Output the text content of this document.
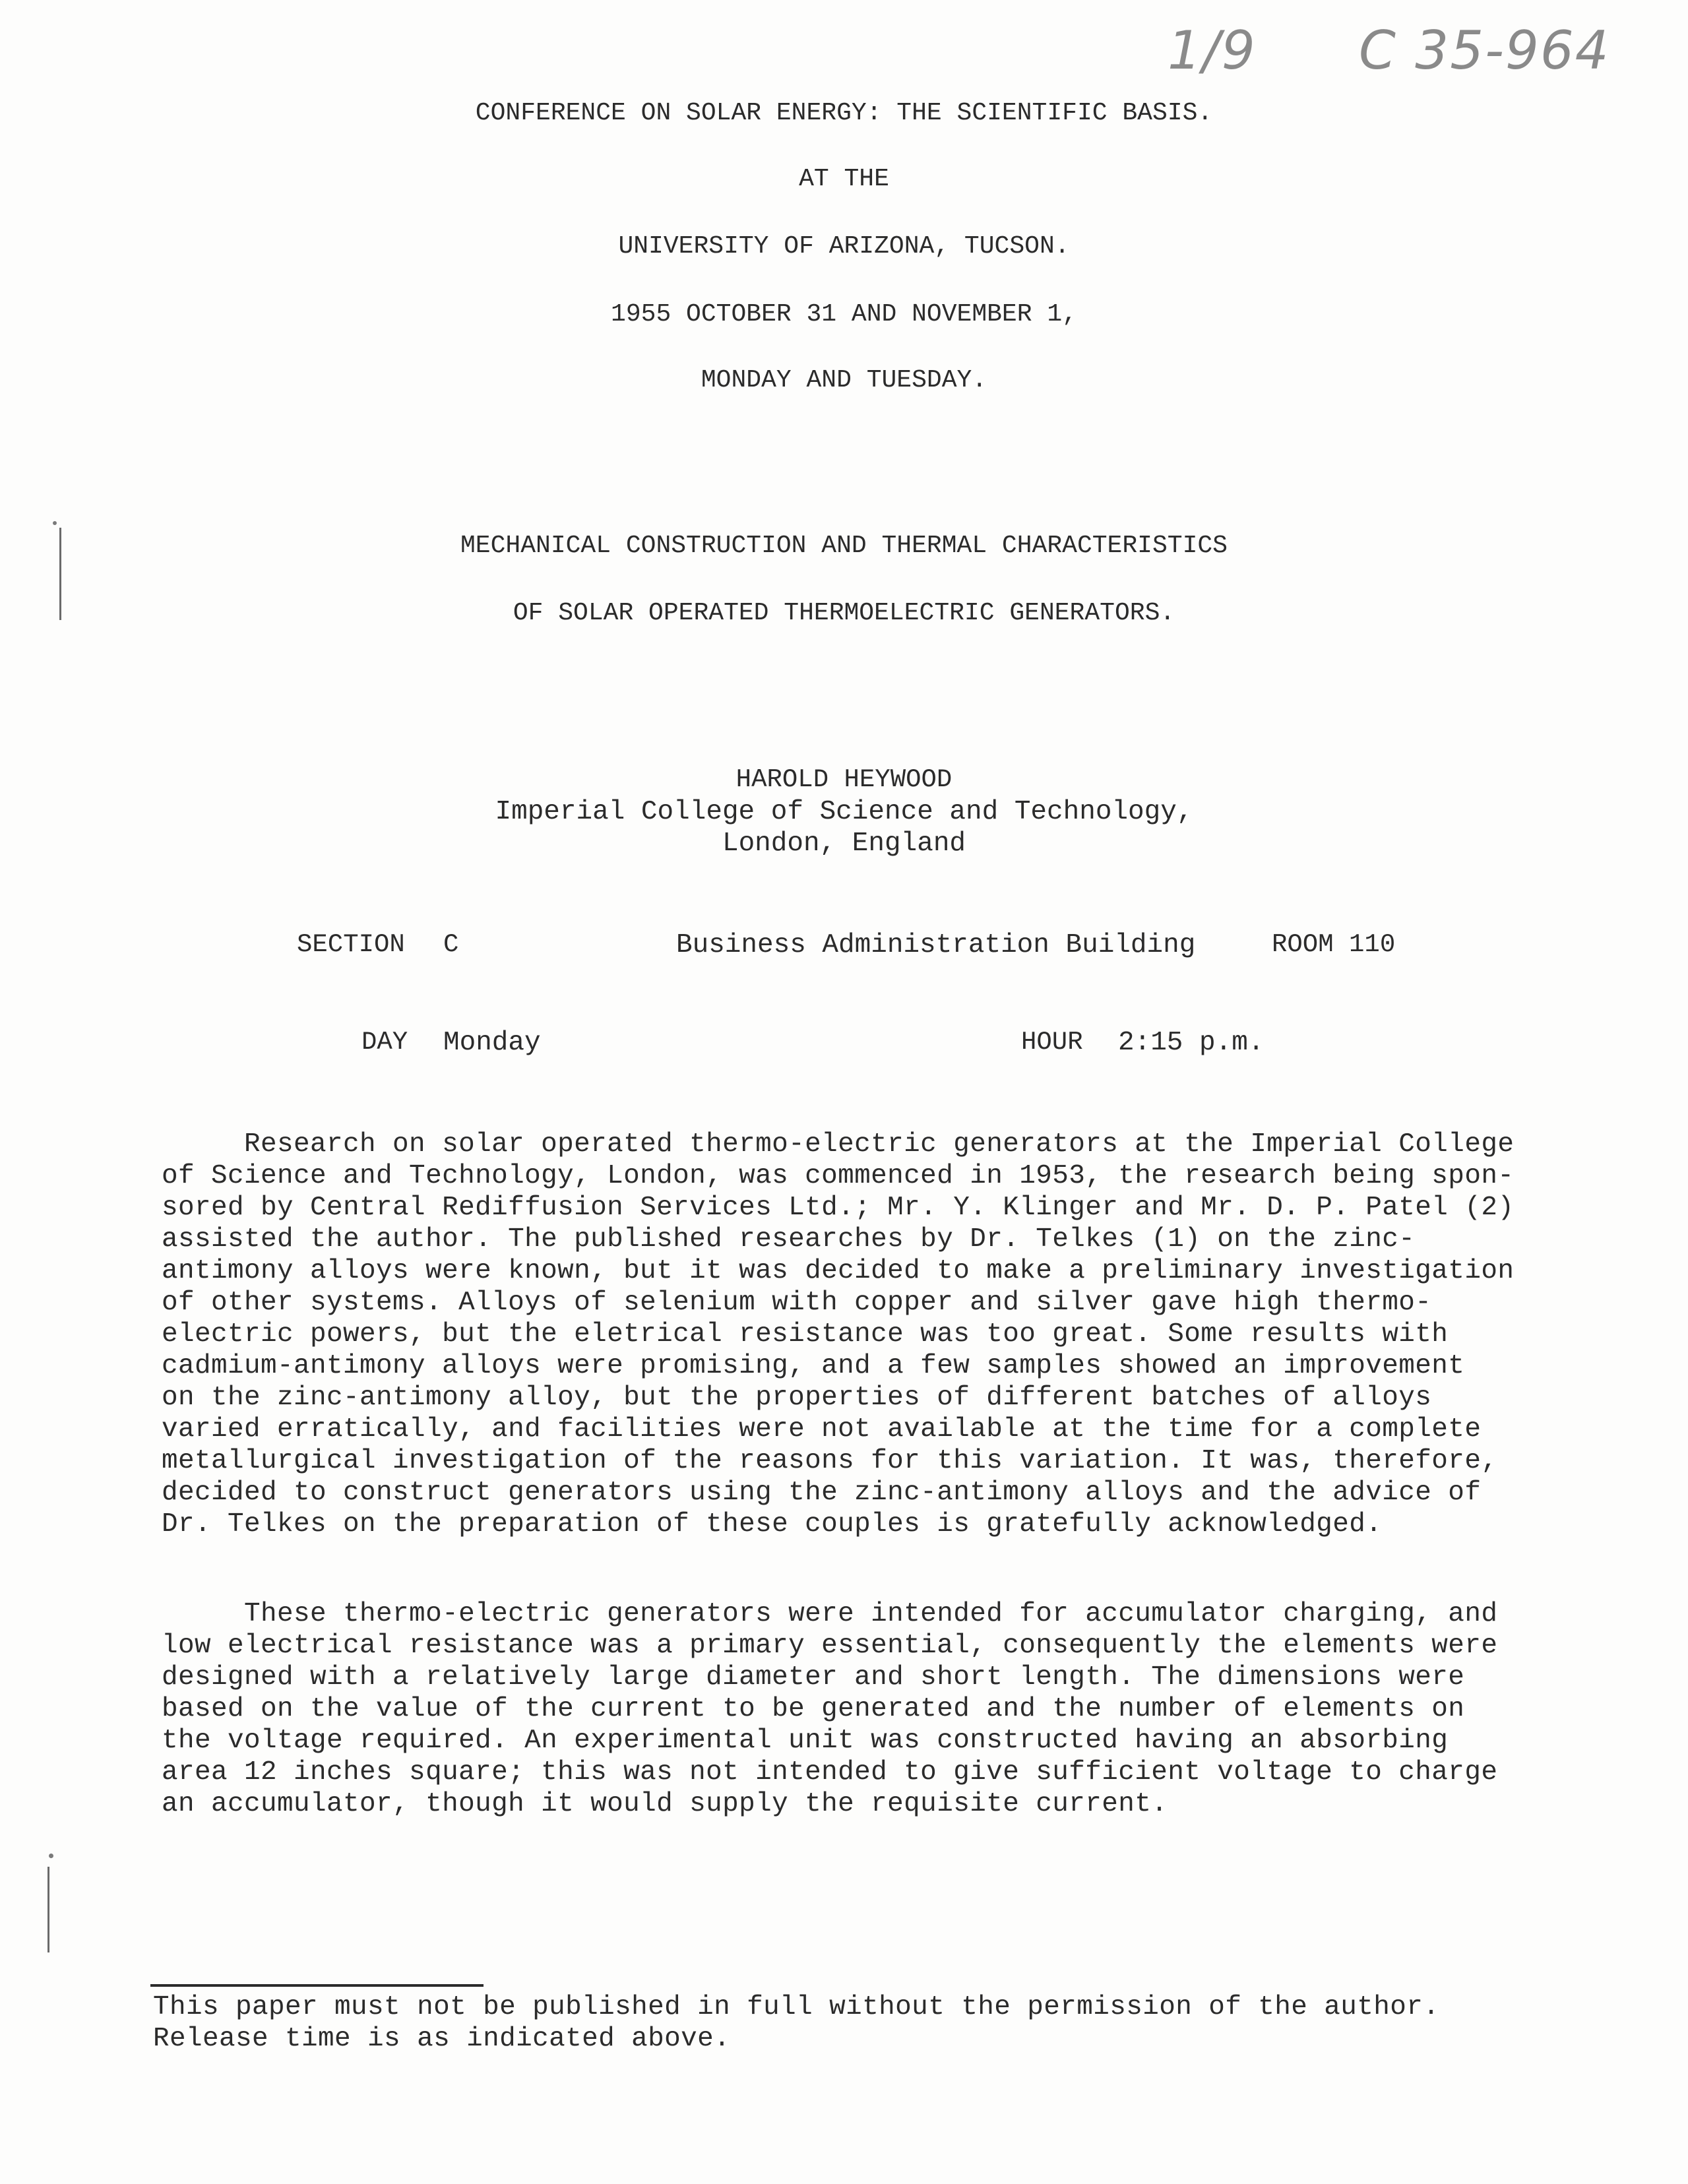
1/9 C 35-964
CONFERENCE ON SOLAR ENERGY: THE SCIENTIFIC BASIS.
AT THE
UNIVERSITY OF ARIZONA, TUCSON.
1955 OCTOBER 31 AND NOVEMBER 1,
MONDAY AND TUESDAY.
MECHANICAL CONSTRUCTION AND THERMAL CHARACTERISTICS
OF SOLAR OPERATED THERMOELECTRIC GENERATORS.
HAROLD HEYWOOD
Imperial College of Science and Technology,
London, England
SECTION C	Business Administration Building	ROOM 110
DAY Monday	HOUR 2:15 p.m.
Research on solar operated thermo-electric generators at the Imperial College
of Science and Technology, London, was commenced in 1953, the research being spon-
sored by Central Rediffusion Services Ltd.; Mr. Y. Klinger and Mr. D. P. Patel (2)
assisted the author. The published researches by Dr. Telkes (1) on the zinc-
antimony alloys were known, but it was decided to make a preliminary investigation
of other systems. Alloys of selenium with copper and silver gave high thermo-
electric powers, but the eletrical resistance was too great. Some results with
cadmium-antimony alloys were promising, and a few samples showed an improvement
on the zinc-antimony alloy, but the properties of different batches of alloys
varied erratically, and facilities were not available at the time for a complete
metallurgical investigation of the reasons for this variation. It was, therefore,
decided to construct generators using the zinc-antimony alloys and the advice of
Dr. Telkes on the preparation of these couples is gratefully acknowledged.
These thermo-electric generators were intended for accumulator charging, and
low electrical resistance was a primary essential, consequently the elements were
designed with a relatively large diameter and short length. The dimensions were
based on the value of the current to be generated and the number of elements on
the voltage required. An experimental unit was constructed having an absorbing
area 12 inches square; this was not intended to give sufficient voltage to charge
an accumulator, though it would supply the requisite current.
This paper must not be published in full without the permission of the author.
Release time is as indicated above.
